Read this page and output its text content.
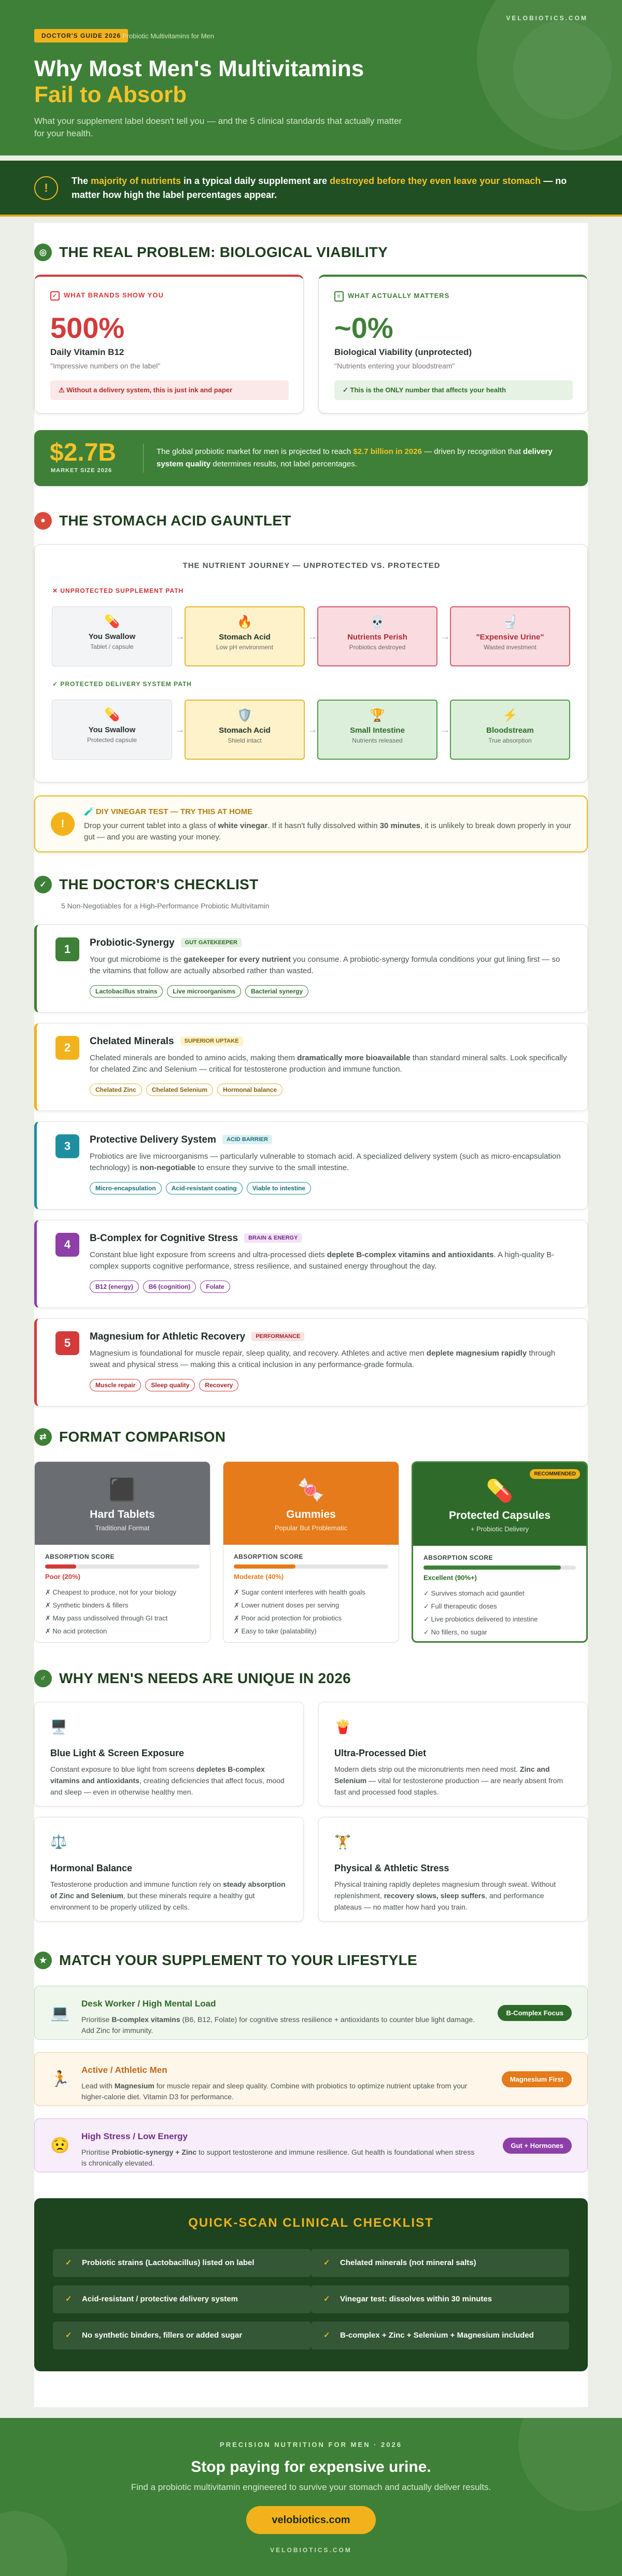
VELOBIOTICS.COM
DOCTOR'S GUIDE 2026 Probiotic Multivitamins for Men
Why Most Men's Multivitamins
Fail to Absorb

What your supplement label doesn't tell you — and the 5 clinical standards that actually matter for your health.

!

The majority of nutrients in a typical daily supplement are destroyed before they even leave your stomach — no matter how high the label percentages appear.

◎ THE REAL PROBLEM: BIOLOGICAL VIABILITY
✓ WHAT BRANDS SHOW YOU
500%
Daily Vitamin B12
"Impressive numbers on the label"
⚠ Without a delivery system, this is just ink and paper
≡ WHAT ACTUALLY MATTERS
~0%
Biological Viability (unprotected)
"Nutrients entering your bloodstream"
✓ This is the ONLY number that affects your health
$2.7B
MARKET SIZE 2026

The global probiotic market for men is projected to reach $2.7 billion in 2026 — driven by recognition that delivery system quality determines results, not label percentages.

● THE STOMACH ACID GAUNTLET
THE NUTRIENT JOURNEY — UNPROTECTED VS. PROTECTED
✕ UNPROTECTED SUPPLEMENT PATH
✓ PROTECTED DELIVERY SYSTEM PATH
💊
You Swallow
Tablet / capsule
→
🔥
Stomach Acid
Low pH environment
→
💀
Nutrients Perish
Probiotics destroyed
→
🚽
"Expensive Urine"
Wasted investment
💊
You Swallow
Protected capsule
→
🛡️
Stomach Acid
Shield intact
→
🏆
Small Intestine
Nutrients released
→
⚡
Bloodstream
True absorption
!
🧪 DIY VINEGAR TEST — TRY THIS AT HOME

Drop your current tablet into a glass of white vinegar. If it hasn't fully dissolved within 30 minutes, it is unlikely to break down properly in your gut — and you are wasting your money.

✓ THE DOCTOR'S CHECKLIST
5 Non-Negotiables for a High-Performance Probiotic Multivitamin
1	Probiotic-Synergy GUT GATEKEEPER

Your gut microbiome is the gatekeeper for every nutrient you consume. A probiotic-synergy formula conditions your gut lining first — so the vitamins that follow are actually absorbed rather than wasted.

Lactobacillus strains	Live microorganisms	Bacterial synergy
2	Chelated Minerals SUPERIOR UPTAKE

Chelated minerals are bonded to amino acids, making them dramatically more bioavailable than standard mineral salts. Look specifically for chelated Zinc and Selenium — critical for testosterone production and immune function.

Chelated Zinc	Chelated Selenium	Hormonal balance
3	Protective Delivery System ACID BARRIER

Probiotics are live microorganisms — particularly vulnerable to stomach acid. A specialized delivery system (such as micro-encapsulation technology) is non-negotiable to ensure they survive to the small intestine.

Micro-encapsulation	Acid-resistant coating	Viable to intestine
4	B-Complex for Cognitive Stress BRAIN & ENERGY

Constant blue light exposure from screens and ultra-processed diets deplete B-complex vitamins and antioxidants. A high-quality B-complex supports cognitive performance, stress resilience, and sustained energy throughout the day.

B12 (energy)	B6 (cognition)	Folate
5	Magnesium for Athletic Recovery PERFORMANCE

Magnesium is foundational for muscle repair, sleep quality, and recovery. Athletes and active men deplete magnesium rapidly through sweat and physical stress — making this a critical inclusion in any performance-grade formula.

Muscle repair	Sleep quality	Recovery
⇄ FORMAT COMPARISON
⬛
Hard Tablets
Traditional Format
ABSORPTION SCORE
Poor (20%)
✗ Cheapest to produce, not for your biology
✗ Synthetic binders & fillers
✗ May pass undissolved through GI tract
✗ No acid protection
🍬
Gummies
Popular But Problematic
ABSORPTION SCORE
Moderate (40%)
✗ Sugar content interferes with health goals
✗ Lower nutrient doses per serving
✗ Poor acid protection for probiotics
✗ Easy to take (palatability)
RECOMMENDED
💊
Protected Capsules
+ Probiotic Delivery
ABSORPTION SCORE
Excellent (90%+)
✓ Survives stomach acid gauntlet
✓ Full therapeutic doses
✓ Live probiotics delivered to intestine
✓ No fillers, no sugar
♂ WHY MEN'S NEEDS ARE UNIQUE IN 2026
🖥️
Blue Light & Screen Exposure

Constant exposure to blue light from screens depletes B-complex vitamins and antioxidants, creating deficiencies that affect focus, mood and sleep — even in otherwise healthy men.

🍟
Ultra-Processed Diet

Modern diets strip out the micronutrients men need most. Zinc and Selenium — vital for testosterone production — are nearly absent from fast and processed food staples.

⚖️
Hormonal Balance

Testosterone production and immune function rely on steady absorption of Zinc and Selenium, but these minerals require a healthy gut environment to be properly utilized by cells.

🏋️
Physical & Athletic Stress

Physical training rapidly depletes magnesium through sweat. Without replenishment, recovery slows, sleep suffers, and performance plateaus — no matter how hard you train.

★ MATCH YOUR SUPPLEMENT TO YOUR LIFESTYLE
💻
Desk Worker / High Mental Load

Prioritise B-complex vitamins (B6, B12, Folate) for cognitive stress resilience + antioxidants to counter blue light damage. Add Zinc for immunity.

B-Complex Focus
🏃
Active / Athletic Men

Lead with Magnesium for muscle repair and sleep quality. Combine with probiotics to optimize nutrient uptake from your higher-calorie diet. Vitamin D3 for performance.

Magnesium First
😟
High Stress / Low Energy

Prioritise Probiotic-synergy + Zinc to support testosterone and immune resilience. Gut health is foundational when stress is chronically elevated.

Gut + Hormones
QUICK-SCAN CLINICAL CHECKLIST
✓ Probiotic strains (Lactobacillus) listed on label	✓ Chelated minerals (not mineral salts)
✓ Acid-resistant / protective delivery system	✓ Vinegar test: dissolves within 30 minutes
✓ No synthetic binders, fillers or added sugar	✓ B-complex + Zinc + Selenium + Magnesium included
PRECISION NUTRITION FOR MEN · 2026
Stop paying for expensive urine.
Find a probiotic multivitamin engineered to survive your stomach and actually deliver results.
velobiotics.com
VELOBIOTICS.COM
